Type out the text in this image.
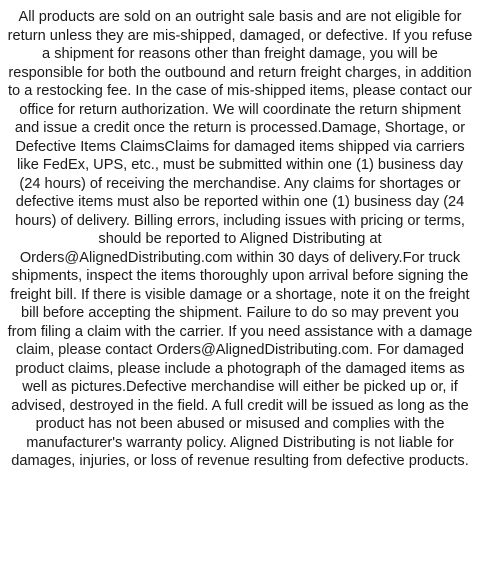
All products are sold on an outright sale basis and are not eligible for return unless they are mis-shipped, damaged, or defective. If you refuse a shipment for reasons other than freight damage, you will be responsible for both the outbound and return freight charges, in addition to a restocking fee. In the case of mis-shipped items, please contact our office for return authorization. We will coordinate the return shipment and issue a credit once the return is processed.Damage, Shortage, or Defective Items ClaimsClaims for damaged items shipped via carriers like FedEx, UPS, etc., must be submitted within one (1) business day (24 hours) of receiving the merchandise. Any claims for shortages or defective items must also be reported within one (1) business day (24 hours) of delivery. Billing errors, including issues with pricing or terms, should be reported to Aligned Distributing at Orders@AlignedDistributing.com within 30 days of delivery.For truck shipments, inspect the items thoroughly upon arrival before signing the freight bill. If there is visible damage or a shortage, note it on the freight bill before accepting the shipment. Failure to do so may prevent you from filing a claim with the carrier. If you need assistance with a damage claim, please contact Orders@AlignedDistributing.com. For damaged product claims, please include a photograph of the damaged items as well as pictures.Defective merchandise will either be picked up or, if advised, destroyed in the field. A full credit will be issued as long as the product has not been abused or misused and complies with the manufacturer's warranty policy. Aligned Distributing is not liable for damages, injuries, or loss of revenue resulting from defective products.
